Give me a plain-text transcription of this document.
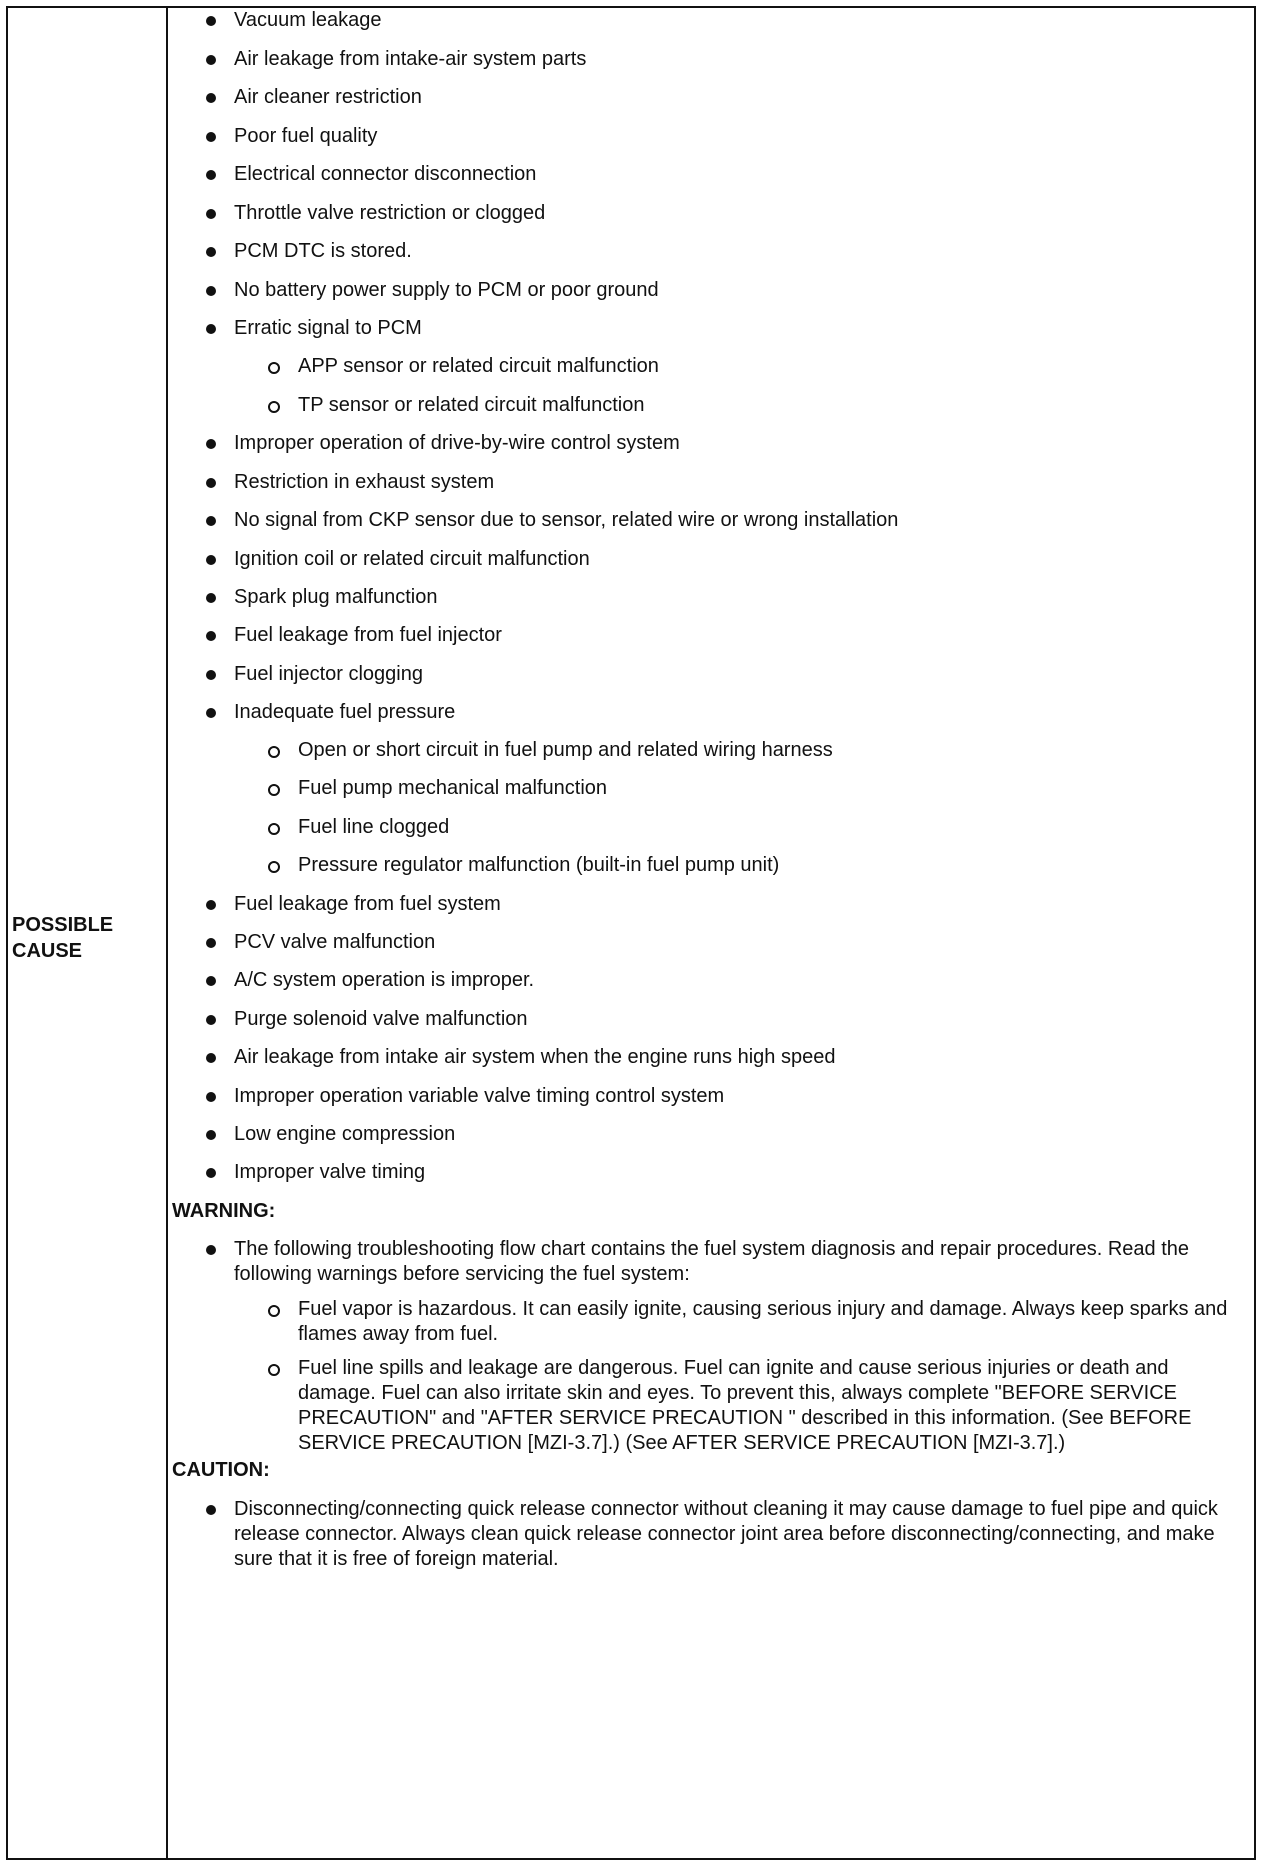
POSSIBLE
CAUSE
WARNING:
CAUTION:
Vacuum leakage
Air leakage from intake-air system parts
Air cleaner restriction
Poor fuel quality
Electrical connector disconnection
Throttle valve restriction or clogged
PCM DTC is stored.
No battery power supply to PCM or poor ground
Erratic signal to PCM
APP sensor or related circuit malfunction
TP sensor or related circuit malfunction
Improper operation of drive-by-wire control system
Restriction in exhaust system
No signal from CKP sensor due to sensor, related wire or wrong installation
Ignition coil or related circuit malfunction
Spark plug malfunction
Fuel leakage from fuel injector
Fuel injector clogging
Inadequate fuel pressure
Open or short circuit in fuel pump and related wiring harness
Fuel pump mechanical malfunction
Fuel line clogged
Pressure regulator malfunction (built-in fuel pump unit)
Fuel leakage from fuel system
PCV valve malfunction
A/C system operation is improper.
Purge solenoid valve malfunction
Air leakage from intake air system when the engine runs high speed
Improper operation variable valve timing control system
Low engine compression
Improper valve timing
The following troubleshooting flow chart contains the fuel system diagnosis and repair procedures. Read the following warnings before servicing the fuel system:
Fuel vapor is hazardous. It can easily ignite, causing serious injury and damage. Always keep sparks and flames away from fuel.
Fuel line spills and leakage are dangerous. Fuel can ignite and cause serious injuries or death and damage. Fuel can also irritate skin and eyes. To prevent this, always complete "BEFORE SERVICE PRECAUTION" and "AFTER SERVICE PRECAUTION " described in this information. (See BEFORE SERVICE PRECAUTION [MZI-3.7].) (See AFTER SERVICE PRECAUTION [MZI-3.7].)
Disconnecting/connecting quick release connector without cleaning it may cause damage to fuel pipe and quick release connector. Always clean quick release connector joint area before disconnecting/connecting, and make sure that it is free of foreign material.
